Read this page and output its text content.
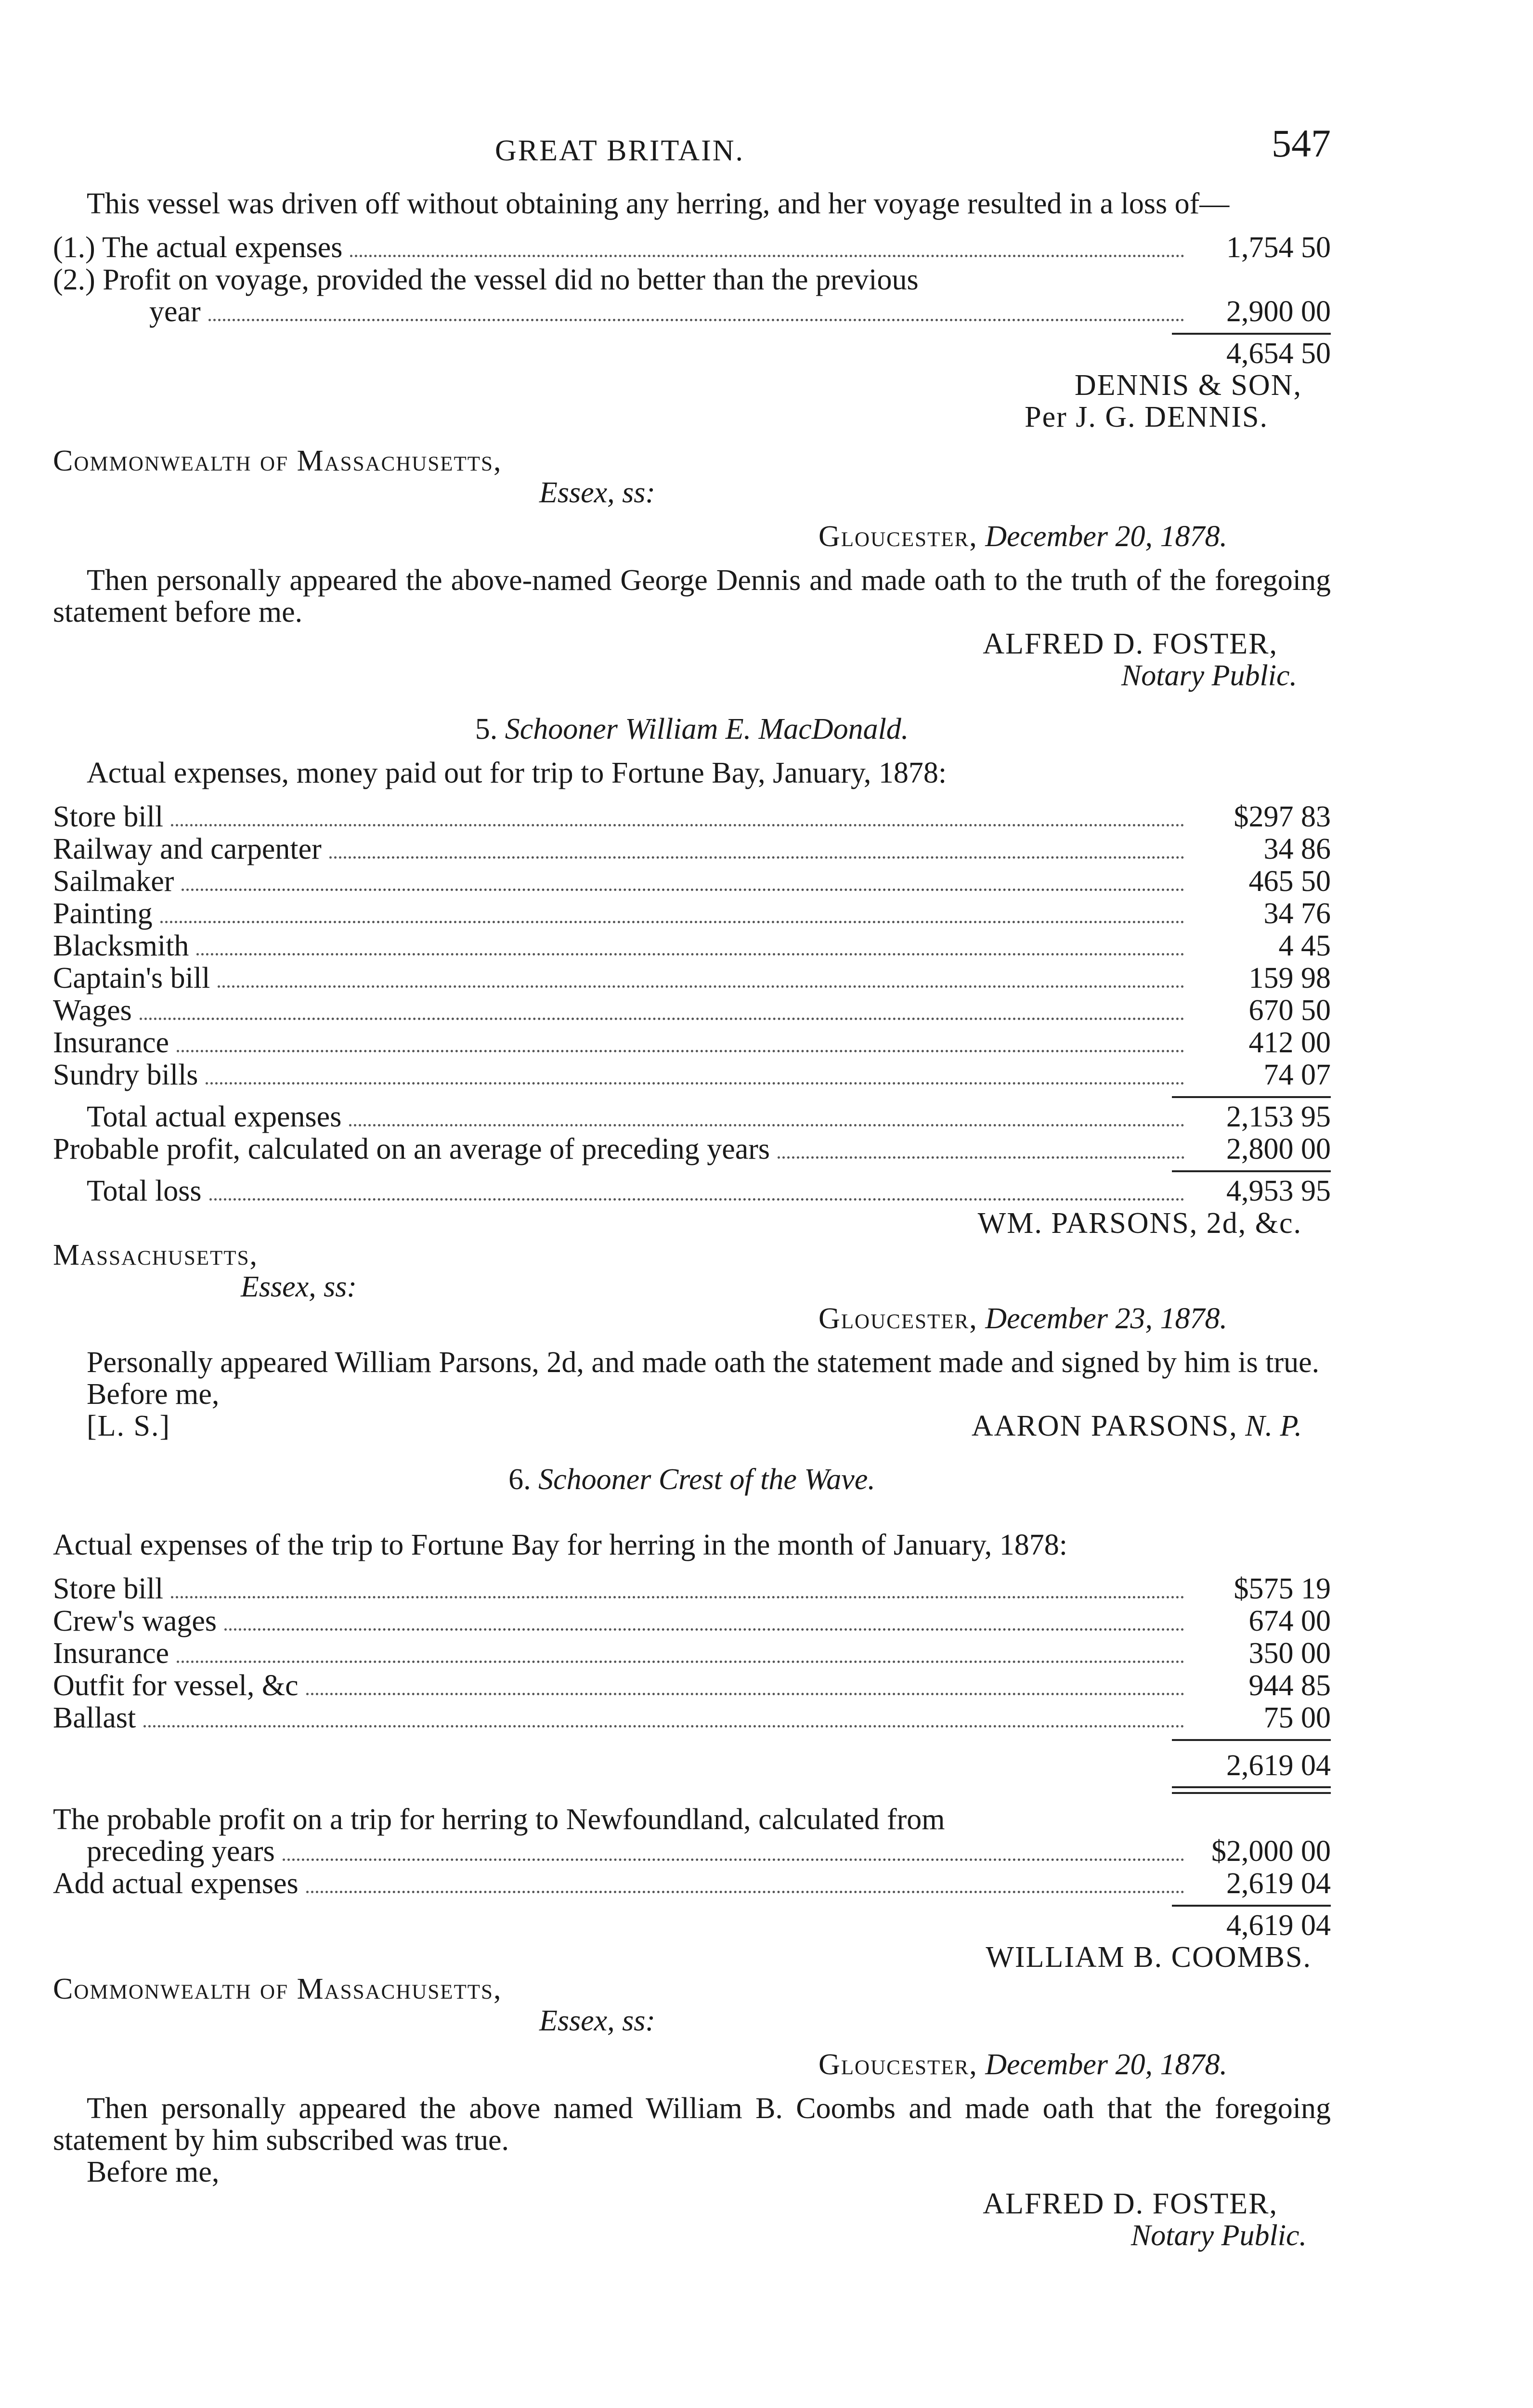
GREAT BRITAIN.	547

This vessel was driven off without obtaining any herring, and her voyage resulted in a loss of—

(1.) The actual expenses	1,754 50
(2.) Profit on voyage, provided the vessel did no better than the previous
year	2,900 00
4,654 50
DENNIS & SON,
Per J. G. DENNIS.
Commonwealth of Massachusetts,
Essex, ss:
Gloucester, December 20, 1878.

Then personally appeared the above-named George Dennis and made oath to the truth of the foregoing statement before me.

ALFRED D. FOSTER,
Notary Public.
5. Schooner William E. MacDonald.

Actual expenses, money paid out for trip to Fortune Bay, January, 1878:

Store bill	$297 83
Railway and carpenter	34 86
Sailmaker	465 50
Painting	34 76
Blacksmith	4 45
Captain's bill	159 98
Wages	670 50
Insurance	412 00
Sundry bills	74 07
Total actual expenses	2,153 95
Probable profit, calculated on an average of preceding years	2,800 00
Total loss	4,953 95
WM. PARSONS, 2d, &c.
Massachusetts,
Essex, ss:
Gloucester, December 23, 1878.

Personally appeared William Parsons, 2d, and made oath the statement made and signed by him is true.

Before me,
[L. S.]	AARON PARSONS, N. P.
6. Schooner Crest of the Wave.

Actual expenses of the trip to Fortune Bay for herring in the month of January, 1878:

Store bill	$575 19
Crew's wages	674 00
Insurance	350 00
Outfit for vessel, &c	944 85
Ballast	75 00
2,619 04
The probable profit on a trip for herring to Newfoundland, calculated from
preceding years	$2,000 00
Add actual expenses	2,619 04
4,619 04
WILLIAM B. COOMBS.
Commonwealth of Massachusetts,
Essex, ss:
Gloucester, December 20, 1878.

Then personally appeared the above named William B. Coombs and made oath that the foregoing statement by him subscribed was true.

Before me,
ALFRED D. FOSTER,
Notary Public.
